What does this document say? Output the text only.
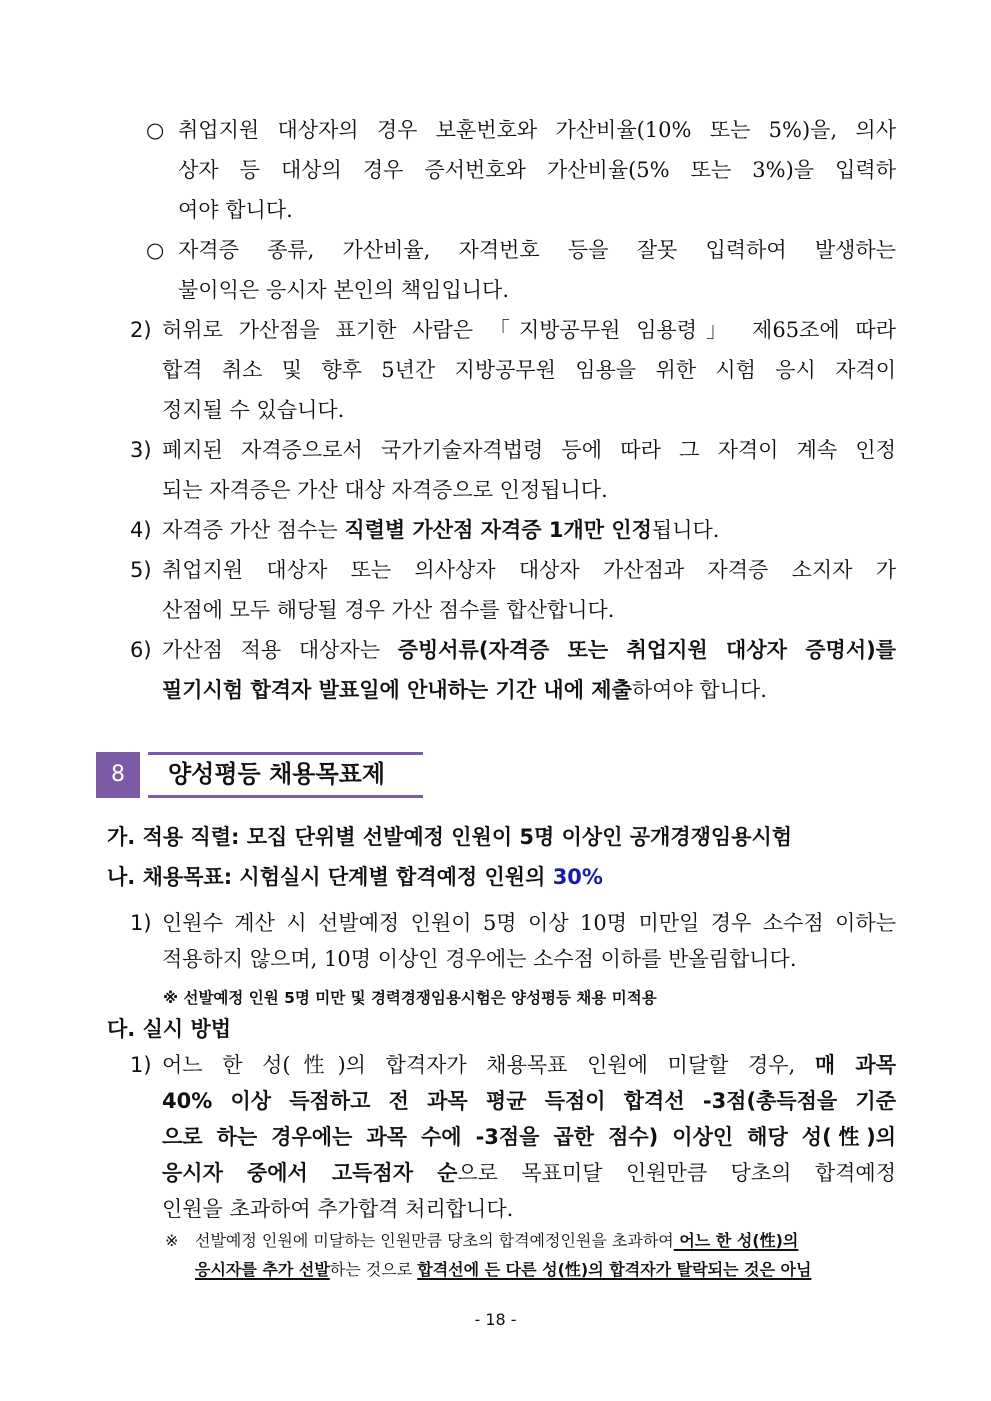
○ 취업지원 대상자의 경우 보훈번호와 가산비율(10% 또는 5%)을, 의사
상자 등 대상의 경우 증서번호와 가산비율(5% 또는 3%)을 입력하
여야 합니다.
○ 자격증 종류, 가산비율, 자격번호 등을 잘못 입력하여 발생하는
불이익은 응시자 본인의 책임입니다.
2) 허위로 가산점을 표기한 사람은 「지방공무원 임용령」 제65조에 따라
합격 취소 및 향후 5년간 지방공무원 임용을 위한 시험 응시 자격이
정지될 수 있습니다.
3) 폐지된 자격증으로서 국가기술자격법령 등에 따라 그 자격이 계속 인정
되는 자격증은 가산 대상 자격증으로 인정됩니다.
4) 자격증 가산 점수는 직렬별 가산점 자격증 1개만 인정됩니다.
5) 취업지원 대상자 또는 의사상자 대상자 가산점과 자격증 소지자 가
산점에 모두 해당될 경우 가산 점수를 합산합니다.
6) 가산점 적용 대상자는 증빙서류(자격증 또는 취업지원 대상자 증명서)를
필기시험 합격자 발표일에 안내하는 기간 내에 제출하여야 합니다.
8	양성평등 채용목표제
가. 적용 직렬: 모집 단위별 선발예정 인원이 5명 이상인 공개경쟁임용시험
나. 채용목표: 시험실시 단계별 합격예정 인원의 30%
1) 인원수 계산 시 선발예정 인원이 5명 이상 10명 미만일 경우 소수점 이하는
적용하지 않으며, 10명 이상인 경우에는 소수점 이하를 반올림합니다.
※ 선발예정 인원 5명 미만 및 경력경쟁임용시험은 양성평등 채용 미적용
다. 실시 방법
1) 어느 한 성(性)의 합격자가 채용목표 인원에 미달할 경우, 매 과목
40% 이상 득점하고 전 과목 평균 득점이 합격선 -3점(총득점을 기준
으로 하는 경우에는 과목 수에 -3점을 곱한 점수) 이상인 해당 성(性)의
응시자 중에서 고득점자 순으로 목표미달 인원만큼 당초의 합격예정
인원을 초과하여 추가합격 처리합니다.
※ 선발예정 인원에 미달하는 인원만큼 당초의 합격예정인원을 초과하여 어느 한 성(性)의
응시자를 추가 선발하는 것으로 합격선에 든 다른 성(性)의 합격자가 탈락되는 것은 아님
- 18 -
